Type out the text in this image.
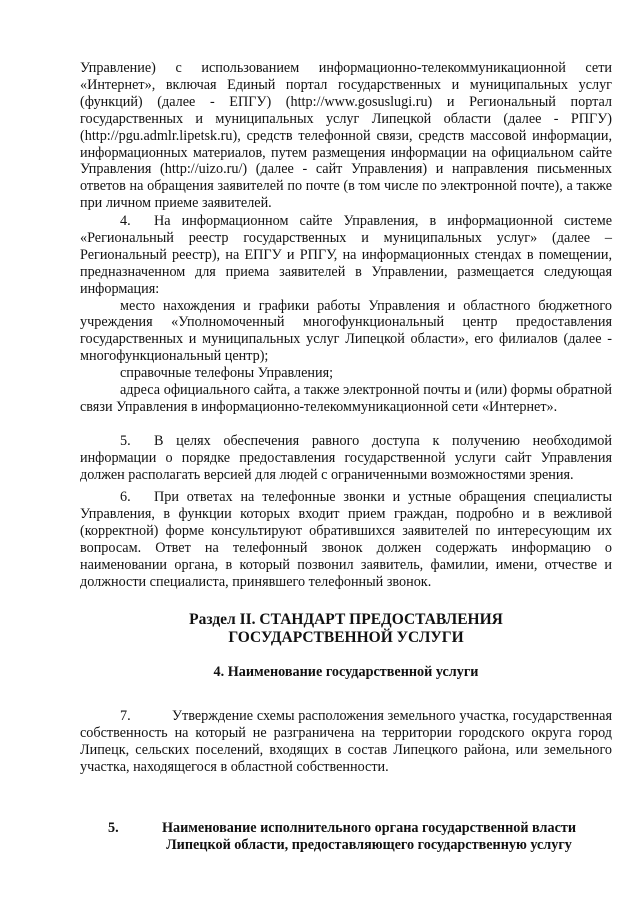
Управление) с использованием информационно-телекоммуникационной сети «Интернет», включая Единый портал государственных и муниципальных услуг (функций) (далее - ЕПГУ) (http://www.gosuslugi.ru) и Региональный портал государственных и муниципальных услуг Липецкой области (далее - РПГУ) (http://pgu.admlr.lipetsk.ru), средств телефонной связи, средств массовой информации, информационных материалов, путем размещения информации на официальном сайте Управления (http://uizo.ru/) (далее - сайт Управления) и направления письменных ответов на обращения заявителей по почте (в том числе по электронной почте), а также при личном приеме заявителей.

4. На информационном сайте Управления, в информационной системе «Региональный реестр государственных и муниципальных услуг» (далее – Региональный реестр), на ЕПГУ и РПГУ, на информационных стендах в помещении, предназначенном для приема заявителей в Управлении, размещается следующая информация:

место нахождения и графики работы Управления и областного бюджетного учреждения «Уполномоченный многофункциональный центр предоставления государственных и муниципальных услуг Липецкой области», его филиалов (далее - многофункциональный центр);

справочные телефоны Управления;

адреса официального сайта, а также электронной почты и (или) формы обратной связи Управления в информационно-телекоммуникационной сети «Интернет».

5. В целях обеспечения равного доступа к получению необходимой информации о порядке предоставления государственной услуги сайт Управления должен располагать версией для людей с ограниченными возможностями зрения.

6. При ответах на телефонные звонки и устные обращения специалисты Управления, в функции которых входит прием граждан, подробно и в вежливой (корректной) форме консультируют обратившихся заявителей по интересующим их вопросам. Ответ на телефонный звонок должен содержать информацию о наименовании органа, в который позвонил заявитель, фамилии, имени, отчестве и должности специалиста, принявшего телефонный звонок.

Раздел II. СТАНДАРТ ПРЕДОСТАВЛЕНИЯ ГОСУДАРСТВЕННОЙ УСЛУГИ
4. Наименование государственной услуги

7.	Утверждение схемы расположения земельного участка, государственная собственность на который не разграничена на территории городского округа город Липецк, сельских поселений, входящих в состав Липецкого района, или земельного участка, находящегося в областной собственности.

5.	Наименование исполнительного органа государственной власти Липецкой области, предоставляющего государственную услугу
